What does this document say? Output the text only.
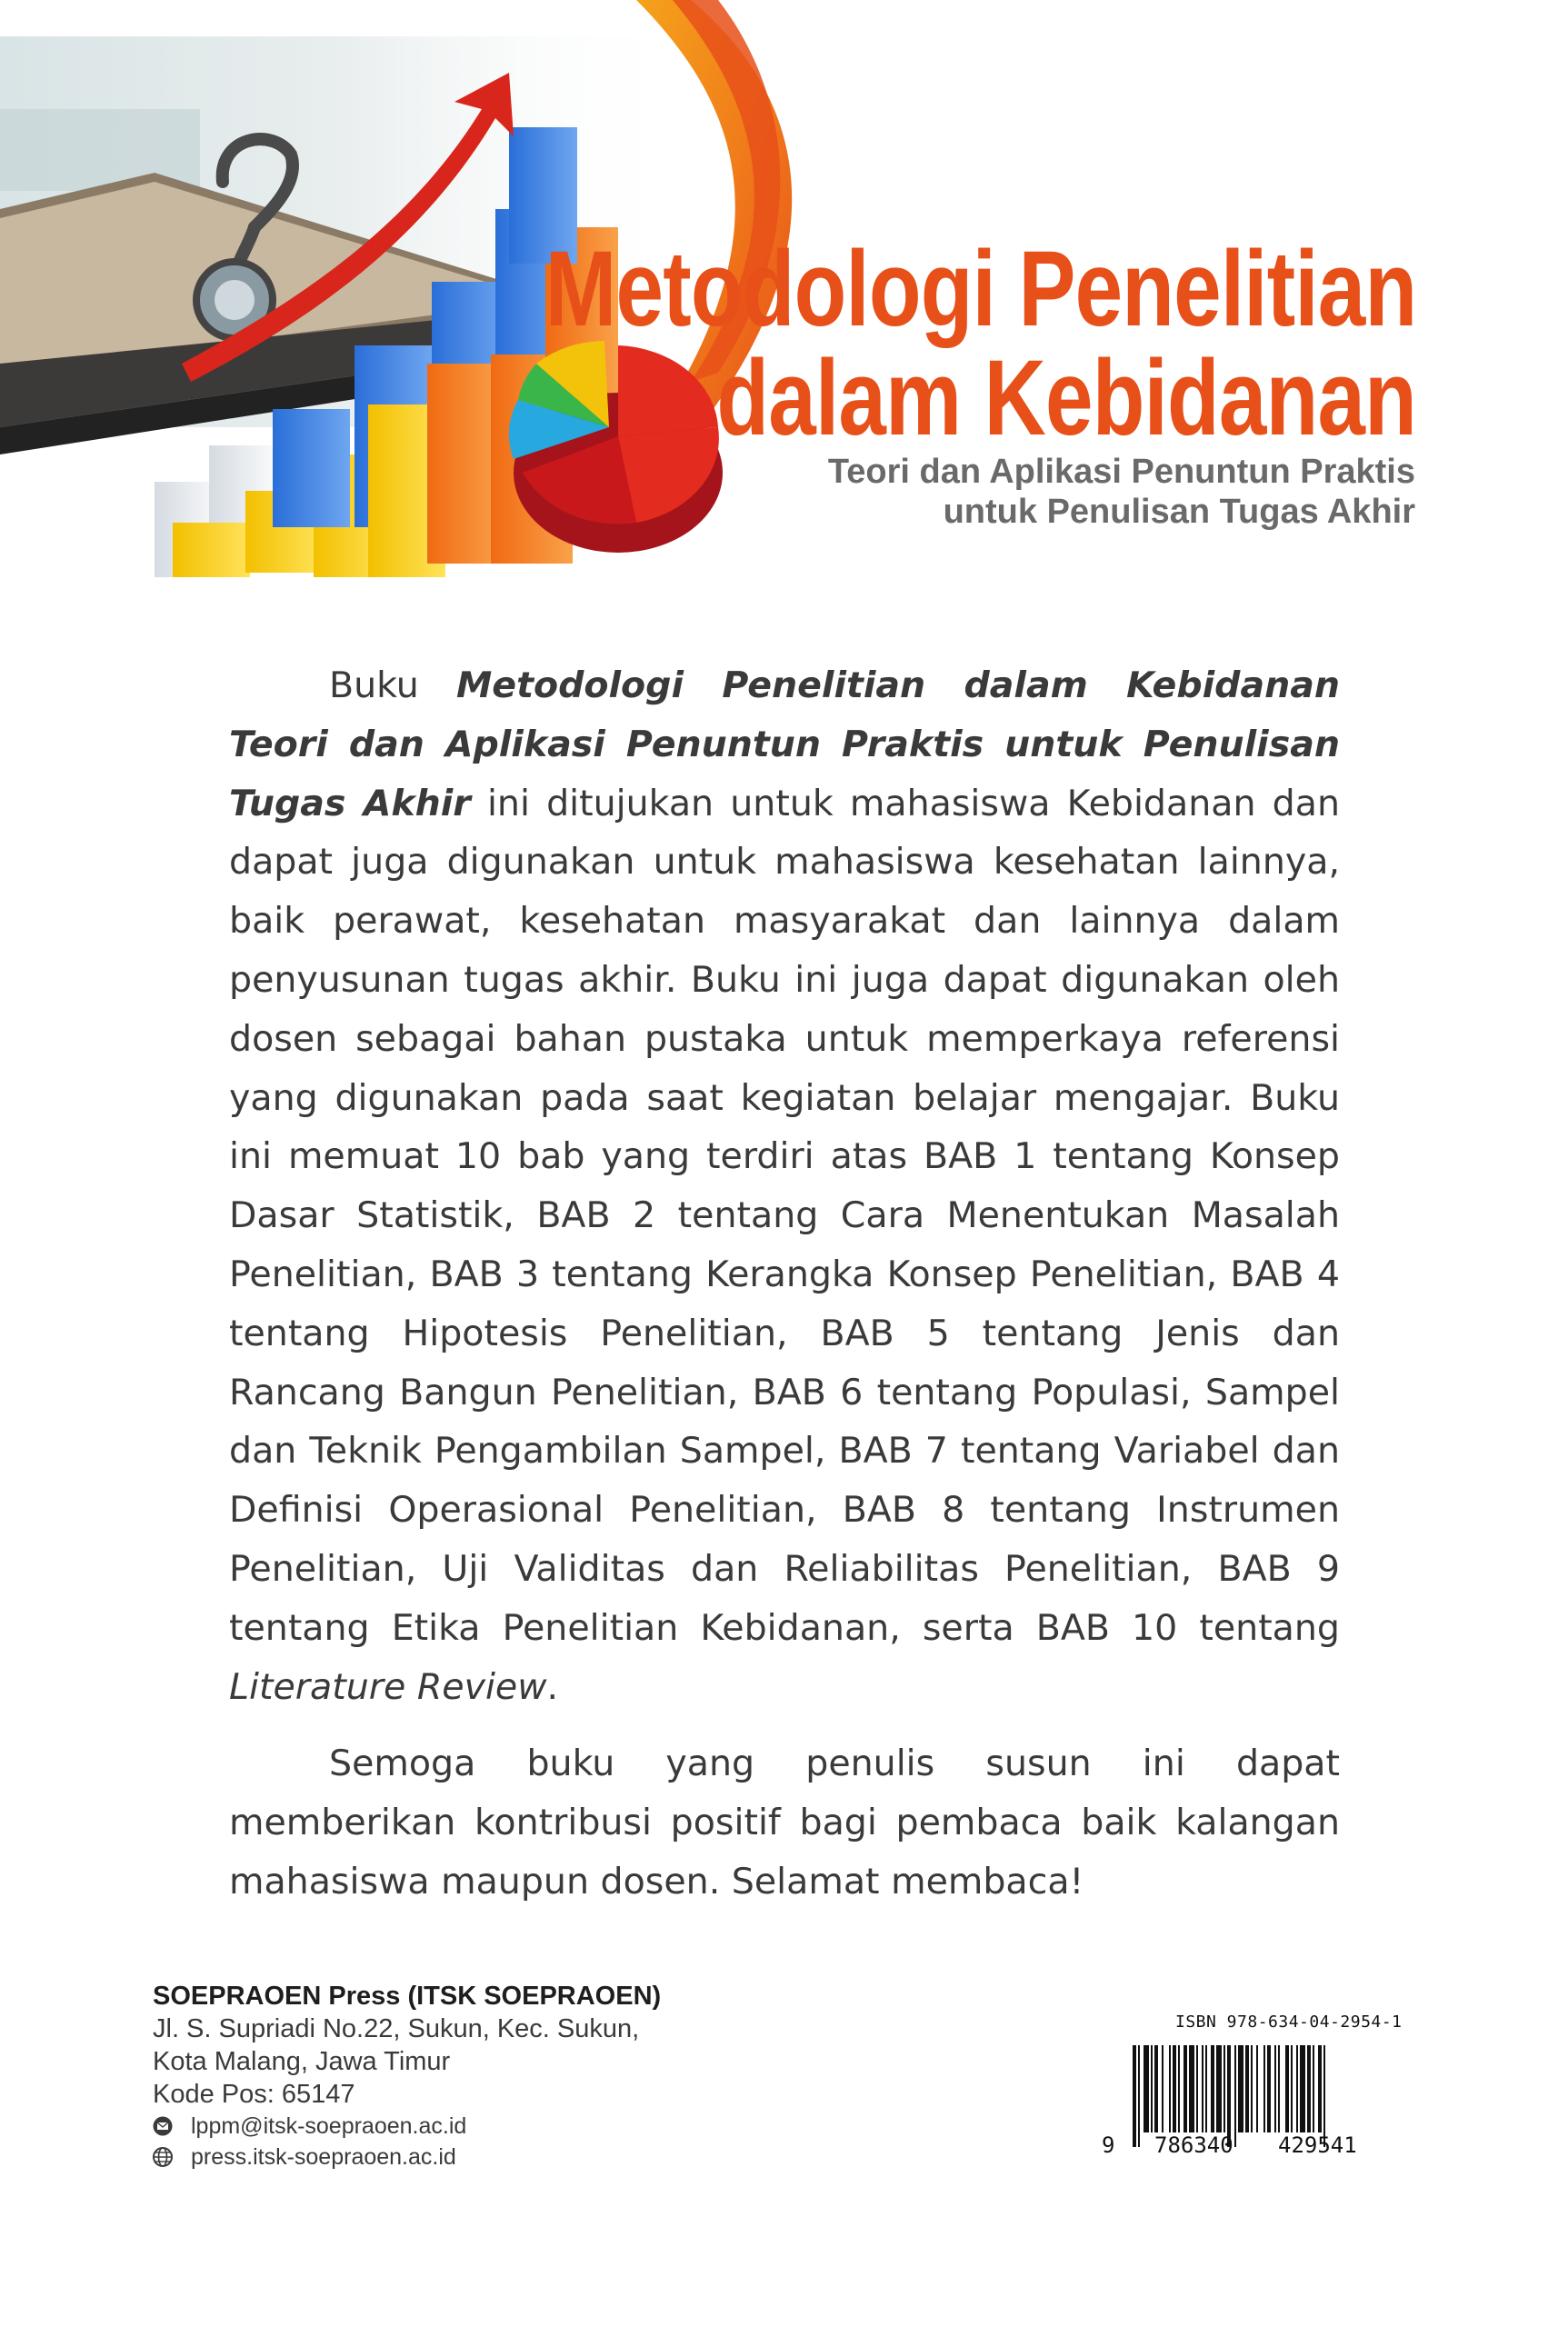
Metodologi Penelitian
dalam Kebidanan
Teori dan Aplikasi Penuntun Praktis
untuk Penulisan Tugas Akhir

Buku Metodologi Penelitian dalam Kebidanan Teori dan Aplikasi Penuntun Praktis untuk Penulisan Tugas Akhir ini ditujukan untuk mahasiswa Kebidanan dan dapat juga digunakan untuk mahasiswa kesehatan lainnya, baik perawat, kesehatan masyarakat dan lainnya dalam penyusunan tugas akhir. Buku ini juga dapat digunakan oleh dosen sebagai bahan pustaka untuk memperkaya referensi yang digunakan pada saat kegiatan belajar mengajar. Buku ini memuat 10 bab yang terdiri atas BAB 1 tentang Konsep Dasar Statistik, BAB 2 tentang Cara Menentukan Masalah Penelitian, BAB 3 tentang Kerangka Konsep Penelitian, BAB 4 tentang Hipotesis Penelitian, BAB 5 tentang Jenis dan Rancang Bangun Penelitian, BAB 6 tentang Populasi, Sampel dan Teknik Pengambilan Sampel, BAB 7 tentang Variabel dan Definisi Operasional Penelitian, BAB 8 tentang Instrumen Penelitian, Uji Validitas dan Reliabilitas Penelitian, BAB 9 tentang Etika Penelitian Kebidanan, serta BAB 10 tentang Literature Review.

Semoga buku yang penulis susun ini dapat memberikan kontribusi positif bagi pembaca baik kalangan mahasiswa maupun dosen. Selamat membaca!

SOEPRAOEN Press (ITSK SOEPRAOEN)
Jl. S. Supriadi No.22, Sukun, Kec. Sukun,
Kota Malang, Jawa Timur
Kode Pos: 65147
lppm@itsk-soepraoen.ac.id
press.itsk-soepraoen.ac.id
ISBN 978-634-04-2954-1
9 786340 429541
